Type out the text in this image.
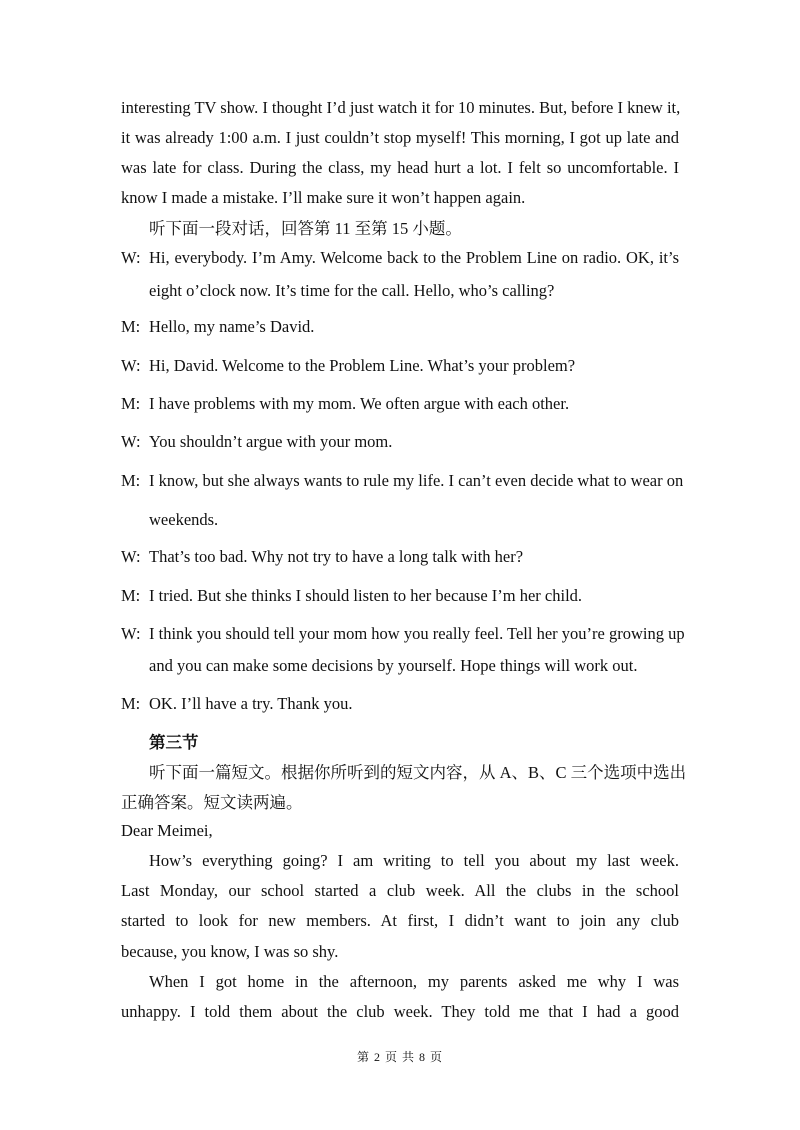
interesting TV show. I thought I’d just watch it for 10 minutes. But, before I knew it,
it was already 1:00 a.m. I just couldn’t stop myself! This morning, I got up late and
was late for class. During the class, my head hurt a lot. I felt so uncomfortable. I
know I made a mistake. I’ll make sure it won’t happen again.
听下面一段对话，回答第 11 至第 15 小题。
W: Hi, everybody. I’m Amy. Welcome back to the Problem Line on radio. OK, it’s
eight o’clock now. It’s time for the call. Hello, who’s calling?
M: Hello, my name’s David.
W: Hi, David. Welcome to the Problem Line. What’s your problem?
M: I have problems with my mom. We often argue with each other.
W: You shouldn’t argue with your mom.
M: I know, but she always wants to rule my life. I can’t even decide what to wear on
weekends.
W: That’s too bad. Why not try to have a long talk with her?
M: I tried. But she thinks I should listen to her because I’m her child.
W: I think you should tell your mom how you really feel. Tell her you’re growing up
and you can make some decisions by yourself. Hope things will work out.
M: OK. I’ll have a try. Thank you.
第三节
听下面一篇短文。根据你所听到的短文内容，从 A、B、C 三个选项中选出
正确答案。短文读两遍。
Dear Meimei,
How’s everything going? I am writing to tell you about my last week.
Last Monday, our school started a club week. All the clubs in the school
started to look for new members. At first, I didn’t want to join any club
because, you know, I was so shy.
When I got home in the afternoon, my parents asked me why I was
unhappy. I told them about the club week. They told me that I had a good
第 2 页 共 8 页
